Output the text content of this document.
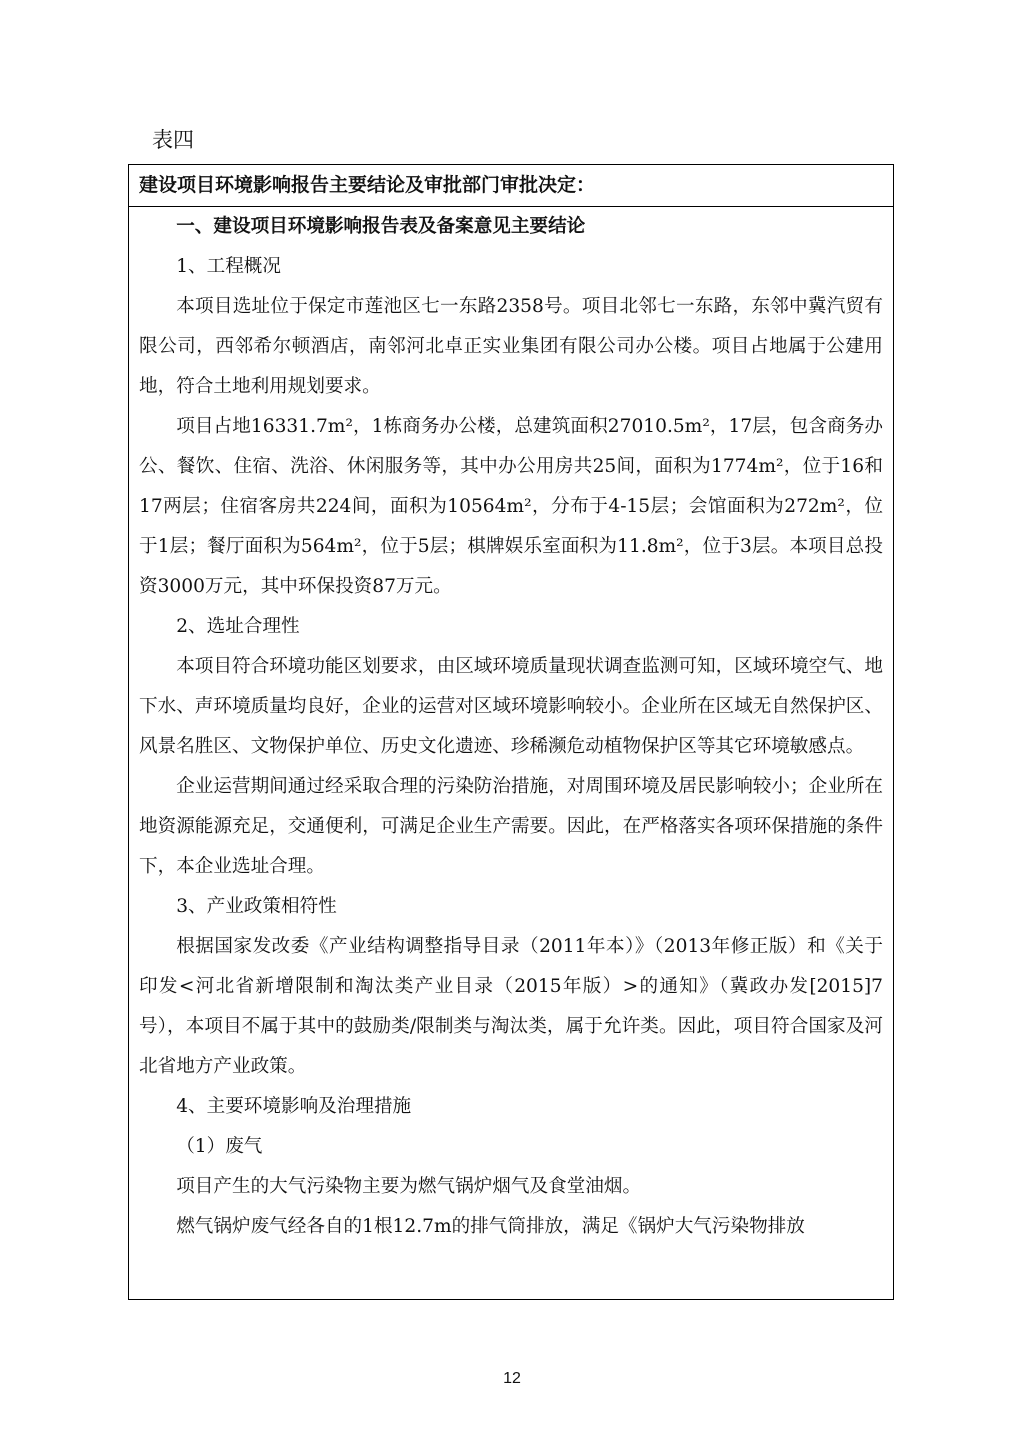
表四
建设项目环境影响报告主要结论及审批部门审批决定：

一、建设项目环境影响报告表及备案意见主要结论

1、工程概况

本项目选址位于保定市莲池区七一东路2358号。项目北邻七一东路，东邻中冀汽贸有限公司，西邻希尔顿酒店，南邻河北卓正实业集团有限公司办公楼。项目占地属于公建用地，符合土地利用规划要求。

项目占地16331.7m²，1栋商务办公楼，总建筑面积27010.5m²，17层，包含商务办公、餐饮、住宿、洗浴、休闲服务等，其中办公用房共25间，面积为1774m²，位于16和17两层；住宿客房共224间，面积为10564m²，分布于4-15层；会馆面积为272m²，位于1层；餐厅面积为564m²，位于5层；棋牌娱乐室面积为11.8m²，位于3层。本项目总投资3000万元，其中环保投资87万元。

2、选址合理性

本项目符合环境功能区划要求，由区域环境质量现状调查监测可知，区域环境空气、地下水、声环境质量均良好，企业的运营对区域环境影响较小。企业所在区域无自然保护区、风景名胜区、文物保护单位、历史文化遗迹、珍稀濒危动植物保护区等其它环境敏感点。

企业运营期间通过经采取合理的污染防治措施，对周围环境及居民影响较小；企业所在地资源能源充足，交通便利，可满足企业生产需要。因此，在严格落实各项环保措施的条件下，本企业选址合理。

3、产业政策相符性

根据国家发改委《产业结构调整指导目录（2011年本）》（2013年修正版）和《关于印发<河北省新增限制和淘汰类产业目录（2015年版）>的通知》（冀政办发[2015]7号），本项目不属于其中的鼓励类/限制类与淘汰类，属于允许类。因此，项目符合国家及河北省地方产业政策。

4、主要环境影响及治理措施

（1）废气

项目产生的大气污染物主要为燃气锅炉烟气及食堂油烟。

燃气锅炉废气经各自的1根12.7m的排气筒排放，满足《锅炉大气污染物排放

12
